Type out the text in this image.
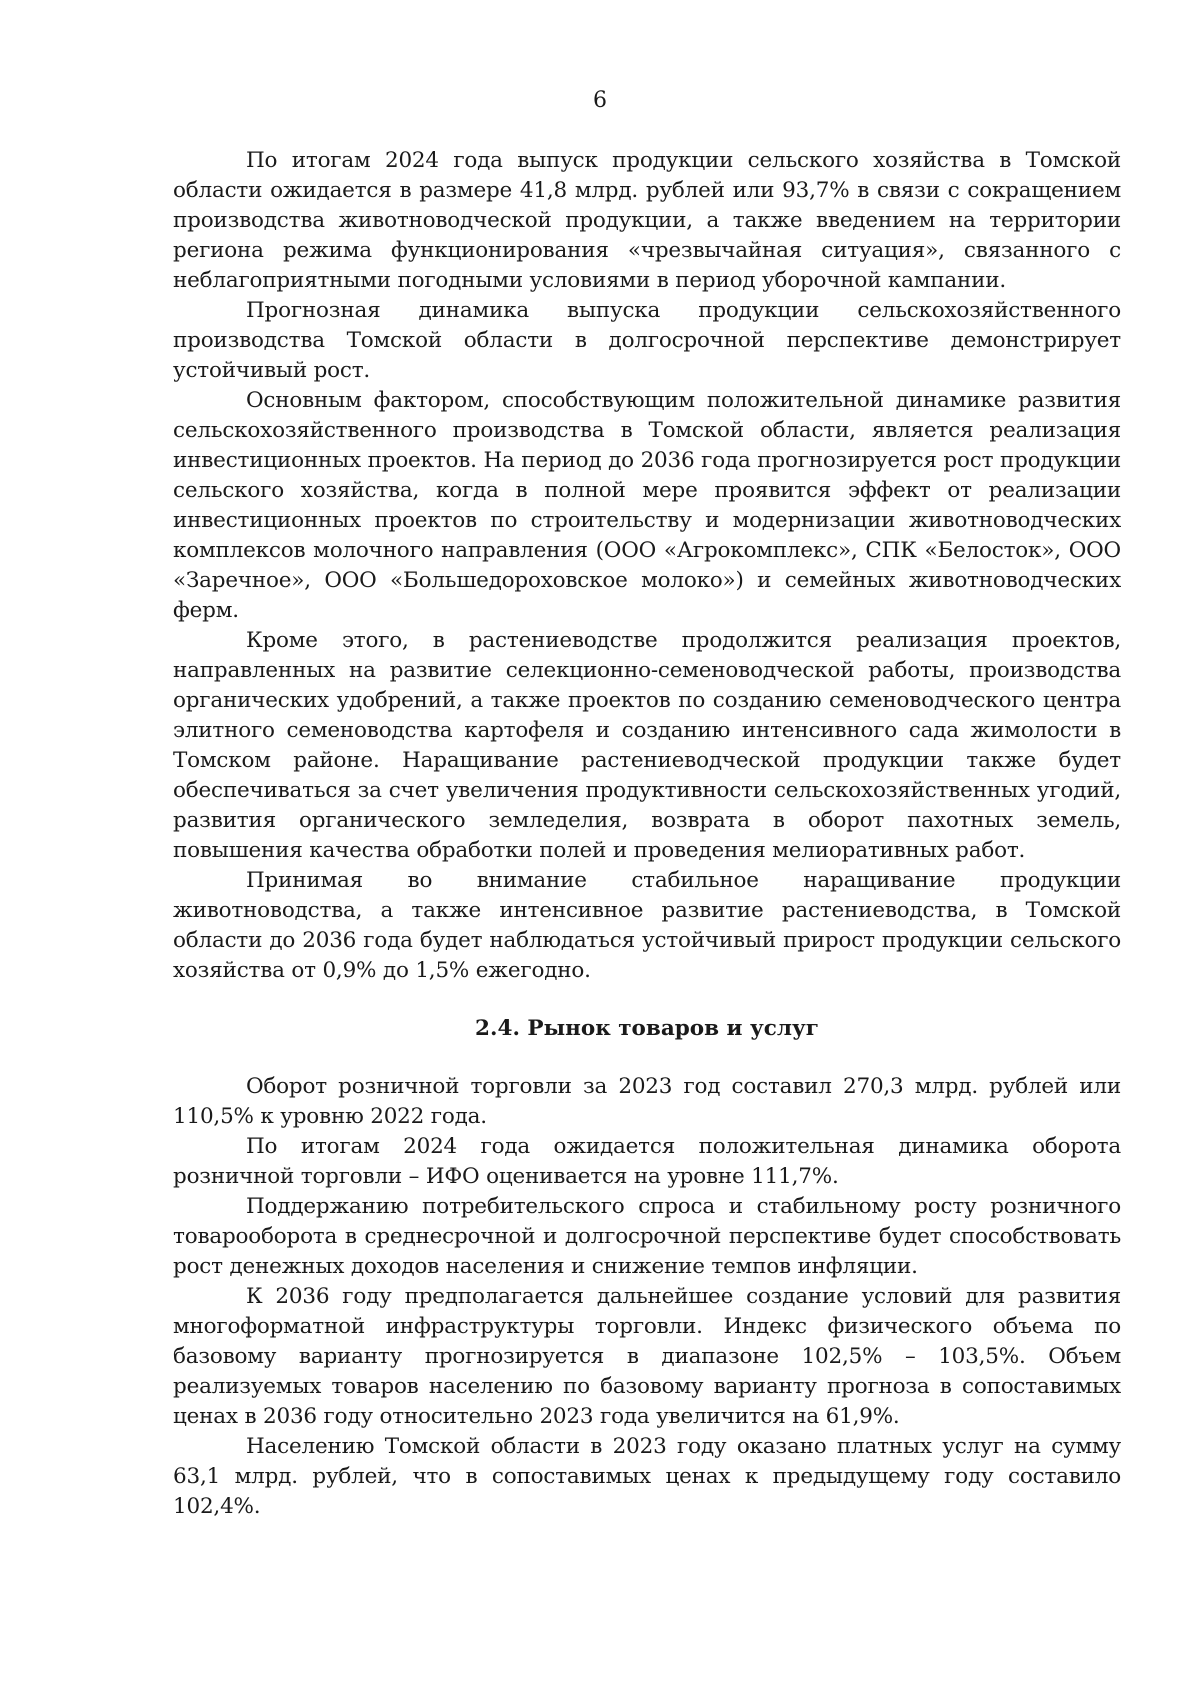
6

По итогам 2024 года выпуск продукции сельского хозяйства в Томской области ожидается в размере 41,8 млрд. рублей или 93,7% в связи с сокращением производства животноводческой продукции, а также введением на территории региона режима функционирования «чрезвычайная ситуация», связанного с неблагоприятными погодными условиями в период уборочной кампании.

Прогнозная динамика выпуска продукции сельскохозяйственного производства Томской области в долгосрочной перспективе демонстрирует устойчивый рост.

Основным фактором, способствующим положительной динамике развития сельскохозяйственного производства в Томской области, является реализация инвестиционных проектов. На период до 2036 года прогнозируется рост продукции сельского хозяйства, когда в полной мере проявится эффект от реализации инвестиционных проектов по строительству и модернизации животноводческих комплексов молочного направления (ООО «Агрокомплекс», СПК «Белосток», ООО «Заречное», ООО «Большедороховское молоко») и семейных животноводческих ферм.

Кроме этого, в растениеводстве продолжится реализация проектов, направленных на развитие селекционно-семеноводческой работы, производства органических удобрений, а также проектов по созданию семеноводческого центра элитного семеноводства картофеля и созданию интенсивного сада жимолости в Томском районе. Наращивание растениеводческой продукции также будет обеспечиваться за счет увеличения продуктивности сельскохозяйственных угодий, развития органического земледелия, возврата в оборот пахотных земель, повышения качества обработки полей и проведения мелиоративных работ.

Принимая во внимание стабильное наращивание продукции животноводства, а также интенсивное развитие растениеводства, в Томской области до 2036 года будет наблюдаться устойчивый прирост продукции сельского хозяйства от 0,9% до 1,5% ежегодно.

2.4. Рынок товаров и услуг

Оборот розничной торговли за 2023 год составил 270,3 млрд. рублей или 110,5% к уровню 2022 года.

По итогам 2024 года ожидается положительная динамика оборота розничной торговли – ИФО оценивается на уровне 111,7%.

Поддержанию потребительского спроса и стабильному росту розничного товарооборота в среднесрочной и долгосрочной перспективе будет способствовать рост денежных доходов населения и снижение темпов инфляции.

К 2036 году предполагается дальнейшее создание условий для развития многоформатной инфраструктуры торговли. Индекс физического объема по базовому варианту прогнозируется в диапазоне 102,5% – 103,5%. Объем реализуемых товаров населению по базовому варианту прогноза в сопоставимых ценах в 2036 году относительно 2023 года увеличится на 61,9%.

Населению Томской области в 2023 году оказано платных услуг на сумму 63,1 млрд. рублей, что в сопоставимых ценах к предыдущему году составило 102,4%.
